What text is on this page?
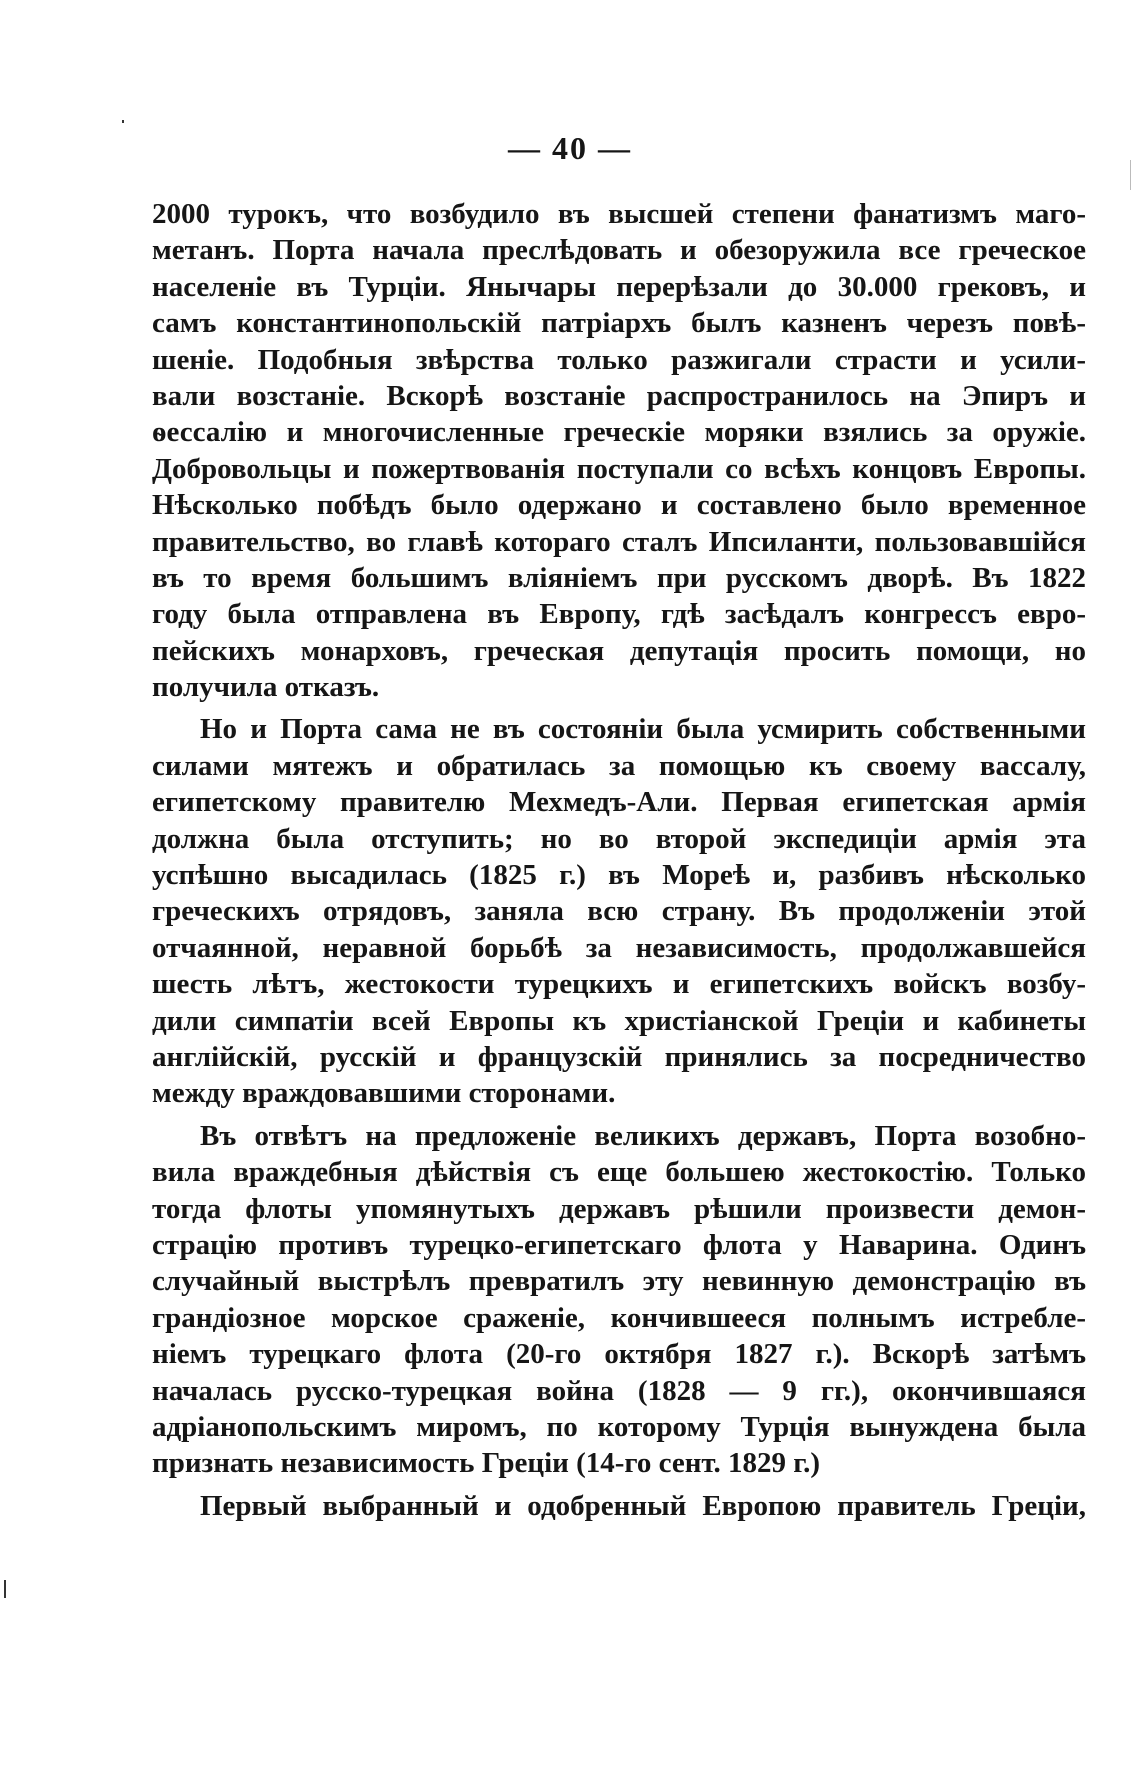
— 40 —
2000 турокъ, что возбудило въ высшей степени фанатизмъ маго-
метанъ. Порта начала преслѣдовать и обезоружила все греческое
населеніе въ Турціи. Янычары перерѣзали до 30.000 грековъ, и
самъ константинопольскій патріархъ былъ казненъ черезъ повѣ-
шеніе. Подобныя звѣрства только разжигали страсти и усили-
вали возстаніе. Вскорѣ возстаніе распространилось на Эпиръ и
ѳессалію и многочисленные греческіе моряки взялись за оружіе.
Добровольцы и пожертвованія поступали со всѣхъ концовъ Европы.
Нѣсколько побѣдъ было одержано и составлено было временное
правительство, во главѣ котораго сталъ Ипсиланти, пользовавшійся
въ то время большимъ вліяніемъ при русскомъ дворѣ. Въ 1822
году была отправлена въ Европу, гдѣ засѣдалъ конгрессъ евро-
пейскихъ монарховъ, греческая депутація просить помощи, но
получила отказъ.
Но и Порта сама не въ состояніи была усмирить собственными
силами мятежъ и обратилась за помощью къ своему вассалу,
египетскому правителю Мехмедъ-Али. Первая египетская армія
должна была отступить; но во второй экспедиціи армія эта
успѣшно высадилась (1825 г.) въ Мореѣ и, разбивъ нѣсколько
греческихъ отрядовъ, заняла всю страну. Въ продолженіи этой
отчаянной, неравной борьбѣ за независимость, продолжавшейся
шесть лѣтъ, жестокости турецкихъ и египетскихъ войскъ возбу-
дили симпатіи всей Европы къ христіанской Греціи и кабинеты
англійскій, русскій и французскій принялись за посредничество
между враждовавшими сторонами.
Въ отвѣтъ на предложеніе великихъ державъ, Порта возобно-
вила враждебныя дѣйствія съ еще большею жестокостію. Только
тогда флоты упомянутыхъ державъ рѣшили произвести демон-
страцію противъ турецко-египетскаго флота у Наварина. Одинъ
случайный выстрѣлъ превратилъ эту невинную демонстрацію въ
грандіозное морское сраженіе, кончившееся полнымъ истребле-
ніемъ турецкаго флота (20-го октября 1827 г.). Вскорѣ затѣмъ
началась русско-турецкая война (1828 — 9 гг.), окончившаяся
адріанопольскимъ миромъ, по которому Турція вынуждена была
признать независимость Греціи (14-го сент. 1829 г.)
Первый выбранный и одобренный Европою правитель Греціи,
